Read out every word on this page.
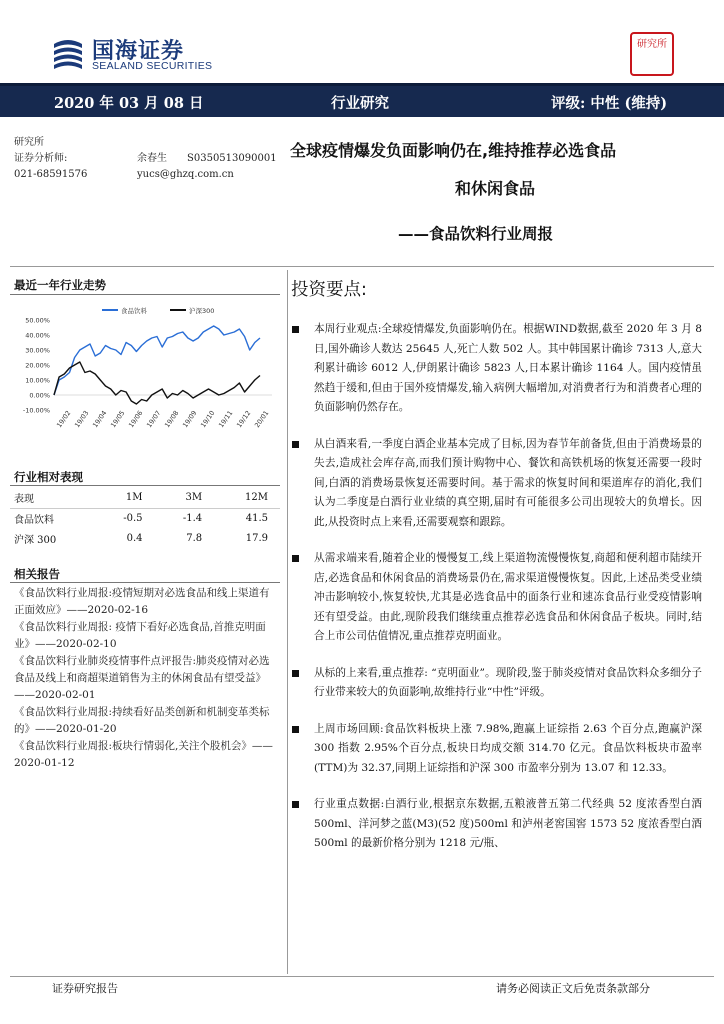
国海证券
SEALAND SECURITIES
研究所
2020 年 03 月 08 日	行业研究	评级: 中性 (维持)
研究所
证券分析师:
021-68591576
余春生 S0350513090001
yucs@ghzq.com.cn
全球疫情爆发负面影响仍在,维持推荐必选食品
和休闲食品
——食品饮料行业周报
最近一年行业走势
食品饮料	沪深300
50.00%
40.00%
30.00%
20.00%
10.00%
0.00%
-10.00% 19/02 19/03 19/04 19/05 19/06 19/07 19/08 19/09 19/10 19/11 19/12 20/01
行业相对表现
表现	1M	3M	12M
食品饮料	-0.5	-1.4	41.5
沪深 300	0.4	7.8	17.9
相关报告

《食品饮料行业周报:疫情短期对必选食品和线上渠道有正面效应》——2020-02-16

《食品饮料行业周报: 疫情下看好必选食品,首推克明面业》——2020-02-10

《食品饮料行业肺炎疫情事件点评报告:肺炎疫情对必选食品及线上和商超渠道销售为主的休闲食品有望受益》——2020-02-01

《食品饮料行业周报:持续看好品类创新和机制变革类标的》——2020-01-20

《食品饮料行业周报:板块行情弱化,关注个股机会》——2020-01-12

投资要点:
本周行业观点:全球疫情爆发,负面影响仍在。根据WIND数据,截至 2020 年 3 月 8 日,国外确诊人数达 25645 人,死亡人数 502 人。其中韩国累计确诊 7313 人,意大利累计确诊 6012 人,伊朗累计确诊 5823 人,日本累计确诊 1164 人。国内疫情虽然趋于缓和,但由于国外疫情爆发,输入病例大幅增加,对消费者行为和消费者心理的负面影响仍然存在。
从白酒来看,一季度白酒企业基本完成了目标,因为春节年前备货,但由于消费场景的失去,造成社会库存高,而我们预计购物中心、餐饮和高铁机场的恢复还需要一段时间,白酒的消费场景恢复还需要时间。基于需求的恢复时间和渠道库存的消化,我们认为二季度是白酒行业业绩的真空期,届时有可能很多公司出现较大的负增长。因此,从投资时点上来看,还需要观察和跟踪。
从需求端来看,随着企业的慢慢复工,线上渠道物流慢慢恢复,商超和便利超市陆续开店,必选食品和休闲食品的消费场景仍在,需求渠道慢慢恢复。因此,上述品类受业绩冲击影响较小,恢复较快,尤其是必选食品中的面条行业和速冻食品行业受疫情影响还有望受益。由此,现阶段我们继续重点推荐必选食品和休闲食品子板块。同时,结合上市公司估值情况,重点推荐克明面业。
从标的上来看,重点推荐: “克明面业”。现阶段,鉴于肺炎疫情对食品饮料众多细分子行业带来较大的负面影响,故维持行业“中性”评级。
上周市场回顾:食品饮料板块上涨 7.98%,跑赢上证综指 2.63 个百分点,跑赢沪深 300 指数 2.95%个百分点,板块日均成交额 314.70 亿元。食品饮料板块市盈率(TTM)为 32.37,同期上证综指和沪深 300 市盈率分别为 13.07 和 12.33。
行业重点数据:白酒行业,根据京东数据,五粮液普五第二代经典 52 度浓香型白酒 500ml、洋河梦之蓝(M3)(52 度)500ml 和泸州老窖国窖 1573 52 度浓香型白酒 500ml 的最新价格分别为 1218 元/瓶、
证券研究报告	请务必阅读正文后免责条款部分
